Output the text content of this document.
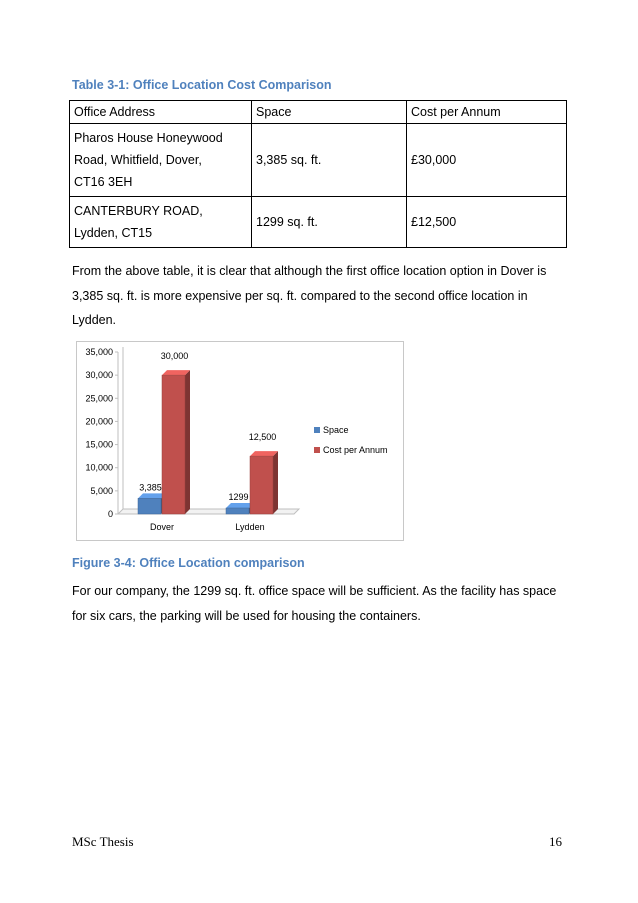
Table 3-1: Office Location Cost Comparison
Office Address	Space	Cost per Annum
Pharos House Honeywood
Road, Whitfield, Dover,
CT16 3EH	3,385 sq. ft.	£30,000
CANTERBURY ROAD,
Lydden, CT15	1299 sq. ft.	£12,500
From the above table, it is clear that although the first office location option in Dover is 3,385 sq. ft. is more expensive per sq. ft. compared to the second office location in Lydden.
0
5,000
10,000
15,000
20,000
25,000
30,000
35,000
Dover
3,385
30,000
Lydden
1299
12,500
Space
Cost per Annum
Figure 3-4: Office Location comparison
For our company, the 1299 sq. ft. office space will be sufficient. As the facility has space for six cars, the parking will be used for housing the containers.
MSc Thesis	16
